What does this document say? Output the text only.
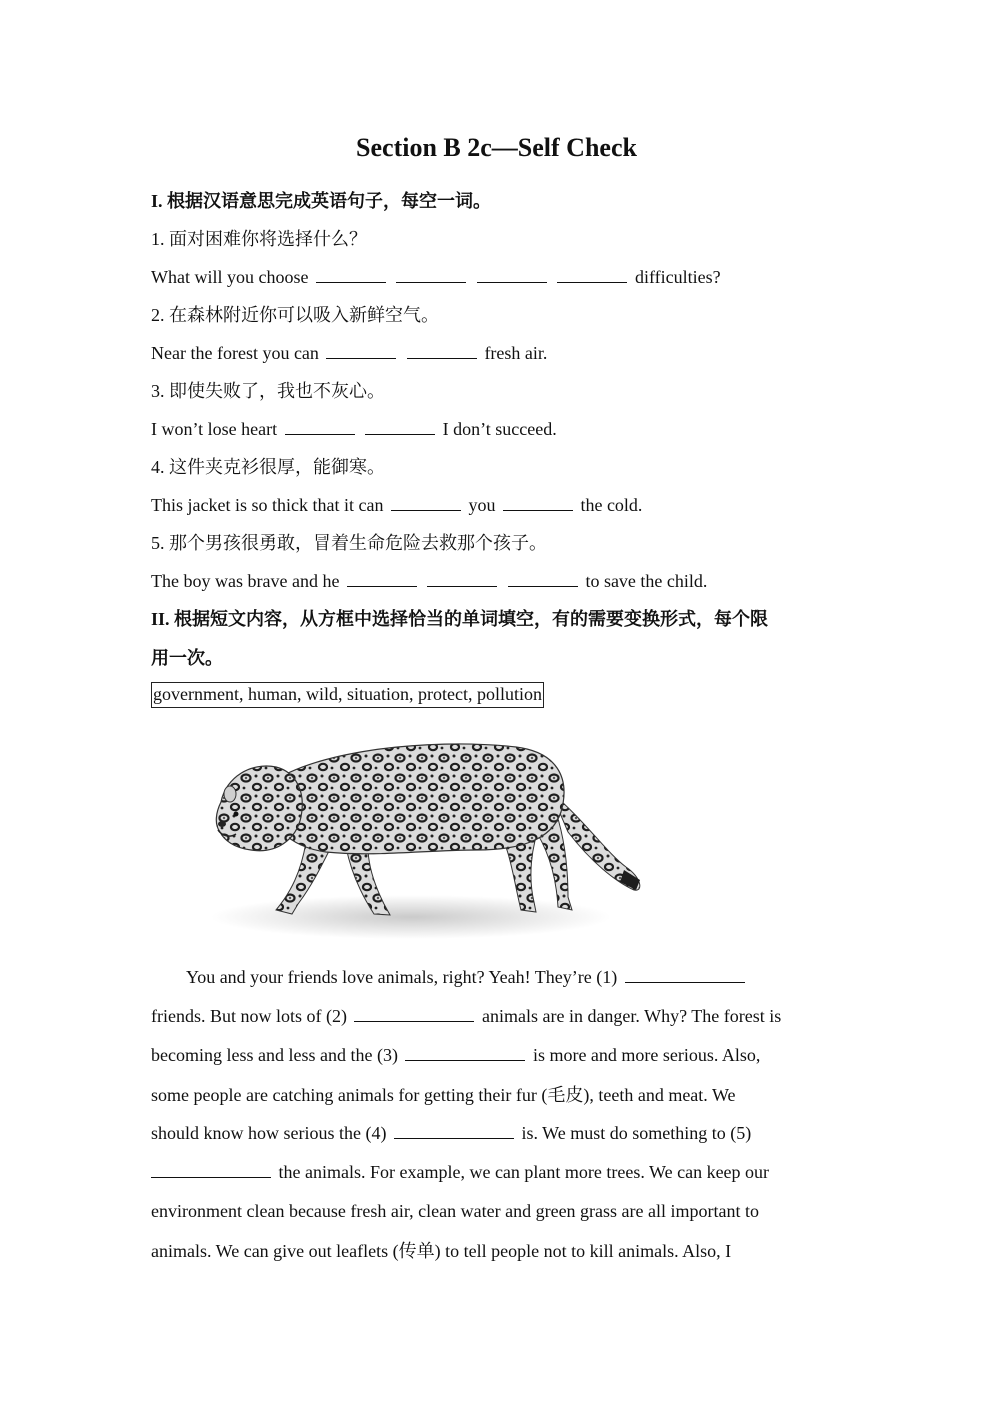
Section B 2c—Self Check
I. 根据汉语意思完成英语句子，每空一词。
1. 面对困难你将选择什么？
What will you choose	difficulties?
2. 在森林附近你可以吸入新鲜空气。
Near the forest you can	fresh air.
3. 即使失败了，我也不灰心。
I won’t lose heart	I don’t succeed.
4. 这件夹克衫很厚，能御寒。
This jacket is so thick that it can	you	the cold.
5. 那个男孩很勇敢，冒着生命危险去救那个孩子。
The boy was brave and he	to save the child.
II. 根据短文内容，从方框中选择恰当的单词填空，有的需要变换形式，每个限
用一次。
government, human, wild, situation, protect, pollution
You and your friends love animals, right? Yeah! They’re (1)
friends. But now lots of (2)	animals are in danger. Why? The forest is
becoming less and less and the (3)	is more and more serious. Also,
some people are catching animals for getting their fur (毛皮), teeth and meat. We
should know how serious the (4)	is. We must do something to (5)
the animals. For example, we can plant more trees. We can keep our
environment clean because fresh air, clean water and green grass are all important to
animals. We can give out leaflets (传单) to tell people not to kill animals. Also, I
